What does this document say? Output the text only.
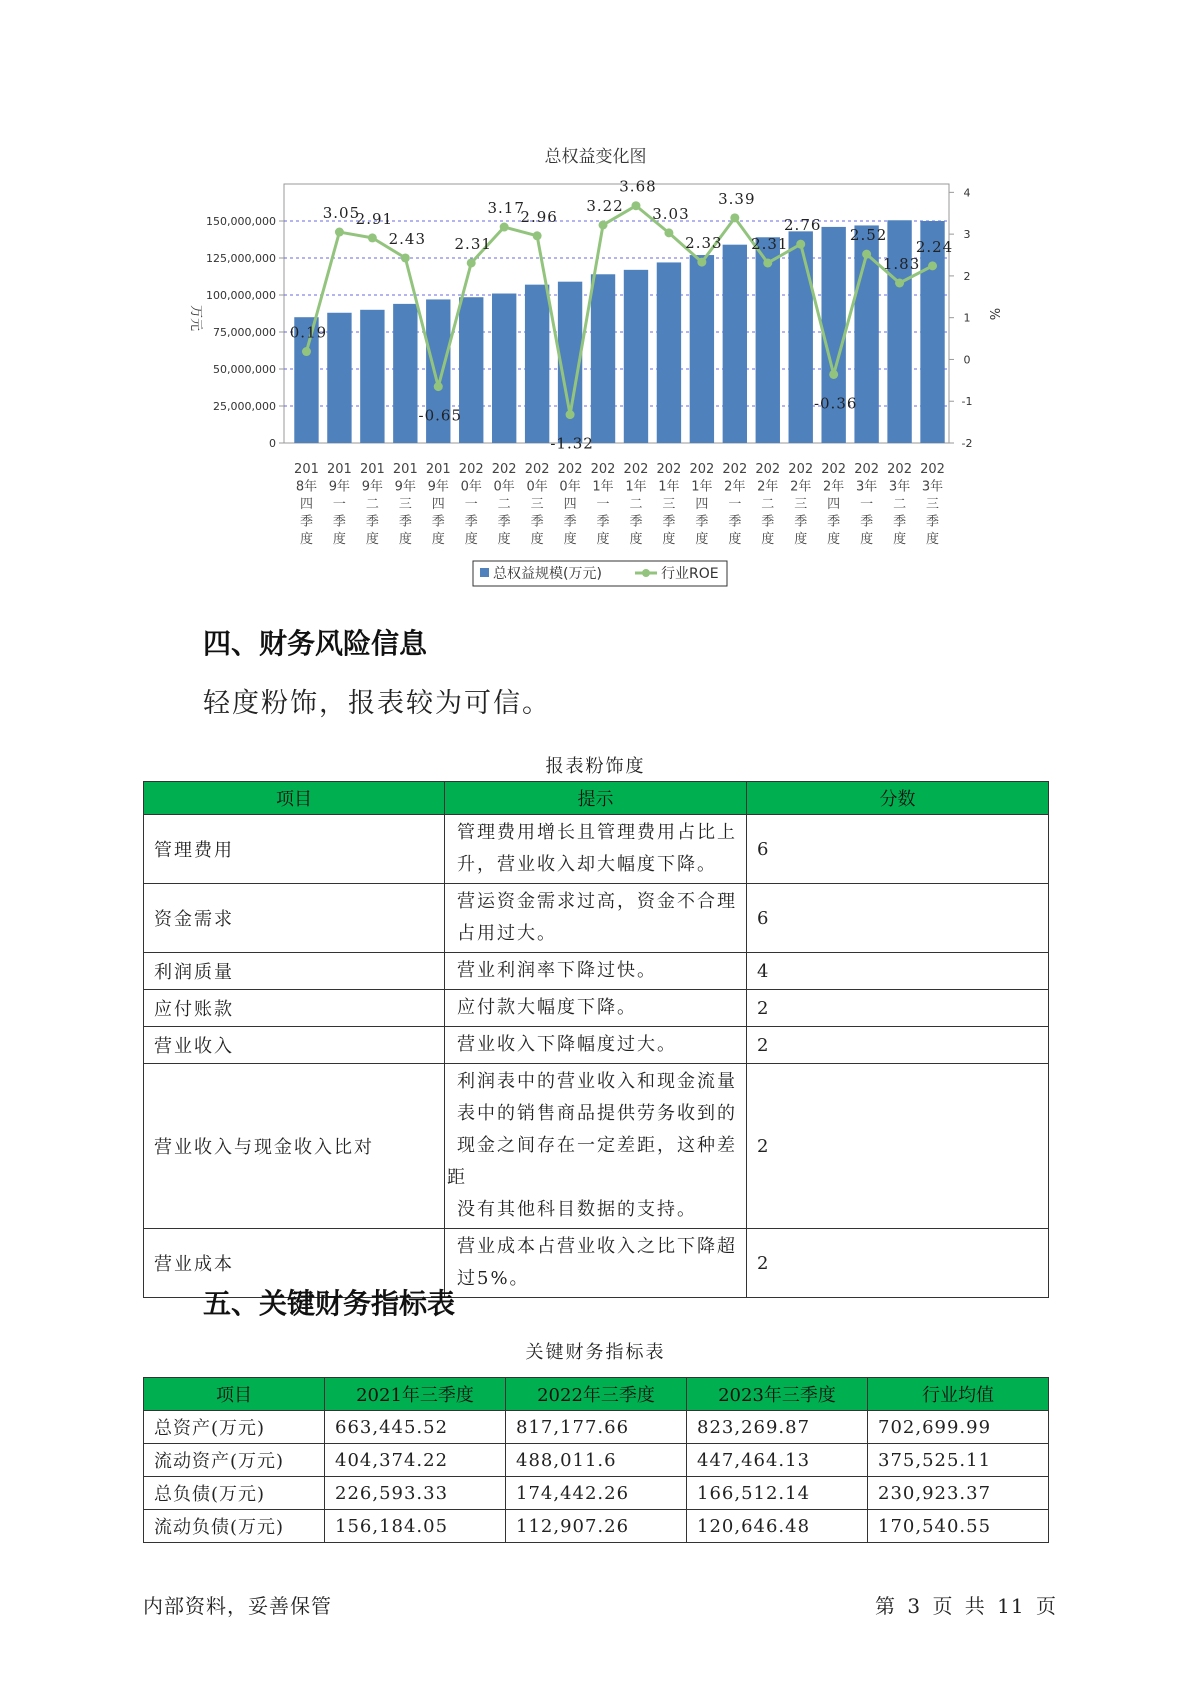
总权益变化图
0
25,000,000
50,000,000
75,000,000
100,000,000
125,000,000
150,000,000
-2
-1
0
1
2
3
4
万元	%
0.19
3.05
2.91
2.43
-0.65
2.31
3.17
2.96
-1.32
3.22
3.68
3.03
2.33
3.39
2.31
2.76
-0.36
2.52
1.83
2.24
201
8年
四
季
度
201
9年
一
季
度
201
9年
二
季
度
201
9年
三
季
度
201
9年
四
季
度
202
0年
一
季
度
202
0年
二
季
度
202
0年
三
季
度
202
0年
四
季
度
202
1年
一
季
度
202
1年
二
季
度
202
1年
三
季
度
202
1年
四
季
度
202
2年
一
季
度
202
2年
二
季
度
202
2年
三
季
度
202
2年
四
季
度
202
3年
一
季
度
202
3年
二
季
度
202
3年
三
季
度
总权益规模(万元)	行业ROE
四、财务风险信息
轻度粉饰，报表较为可信。
报表粉饰度
项目	提示	分数
管理费用	管理费用增长且管理费用占比上
升，营业收入却大幅度下降。	6
资金需求	营运资金需求过高，资金不合理
占用过大。	6
利润质量	营业利润率下降过快。	4
应付账款	应付款大幅度下降。	2
营业收入	营业收入下降幅度过大。	2
营业收入与现金收入比对	利润表中的营业收入和现金流量
表中的销售商品提供劳务收到的
现金之间存在一定差距，这种差距
没有其他科目数据的支持。	2
营业成本	营业成本占营业收入之比下降超
过5%。	2
五、关键财务指标表
关键财务指标表
项目	2021年三季度	2022年三季度	2023年三季度	行业均值
总资产(万元)	663,445.52	817,177.66	823,269.87	702,699.99
流动资产(万元)	404,374.22	488,011.6	447,464.13	375,525.11
总负债(万元)	226,593.33	174,442.26	166,512.14	230,923.37
流动负债(万元)	156,184.05	112,907.26	120,646.48	170,540.55
内部资料，妥善保管	第 3 页 共 11 页
